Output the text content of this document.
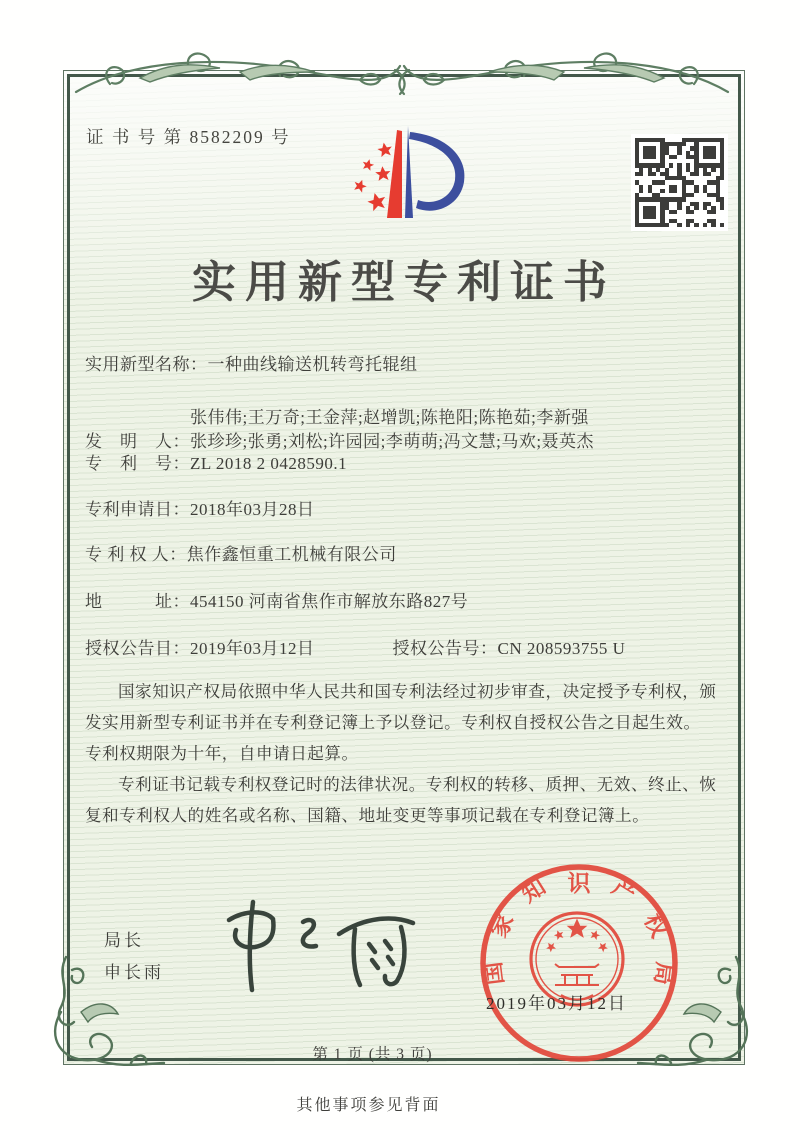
证 书 号 第 8582209 号
实用新型专利证书
实用新型名称：一种曲线输送机转弯托辊组
发　明　人：
张伟伟;王万奇;王金萍;赵增凯;陈艳阳;陈艳茹;李新强
张珍珍;张勇;刘松;许园园;李萌萌;冯文慧;马欢;聂英杰
专　利　号：ZL 2018 2 0428590.1
专利申请日：2018年03月28日
专 利 权 人：焦作鑫恒重工机械有限公司
地　　　址：454150 河南省焦作市解放东路827号
授权公告日：2019年03月12日	授权公告号：CN 208593755 U

国家知识产权局依照中华人民共和国专利法经过初步审查，决定授予专利权，颁发实用新型专利证书并在专利登记簿上予以登记。专利权自授权公告之日起生效。专利权期限为十年，自申请日起算。

专利证书记载专利权登记时的法律状况。专利权的转移、质押、无效、终止、恢复和专利权人的姓名或名称、国籍、地址变更等事项记载在专利登记簿上。

局长
申长雨	国
家
知 识 产
权
局
2019年03月12日
第 1 页 (共 3 页)
其他事项参见背面
